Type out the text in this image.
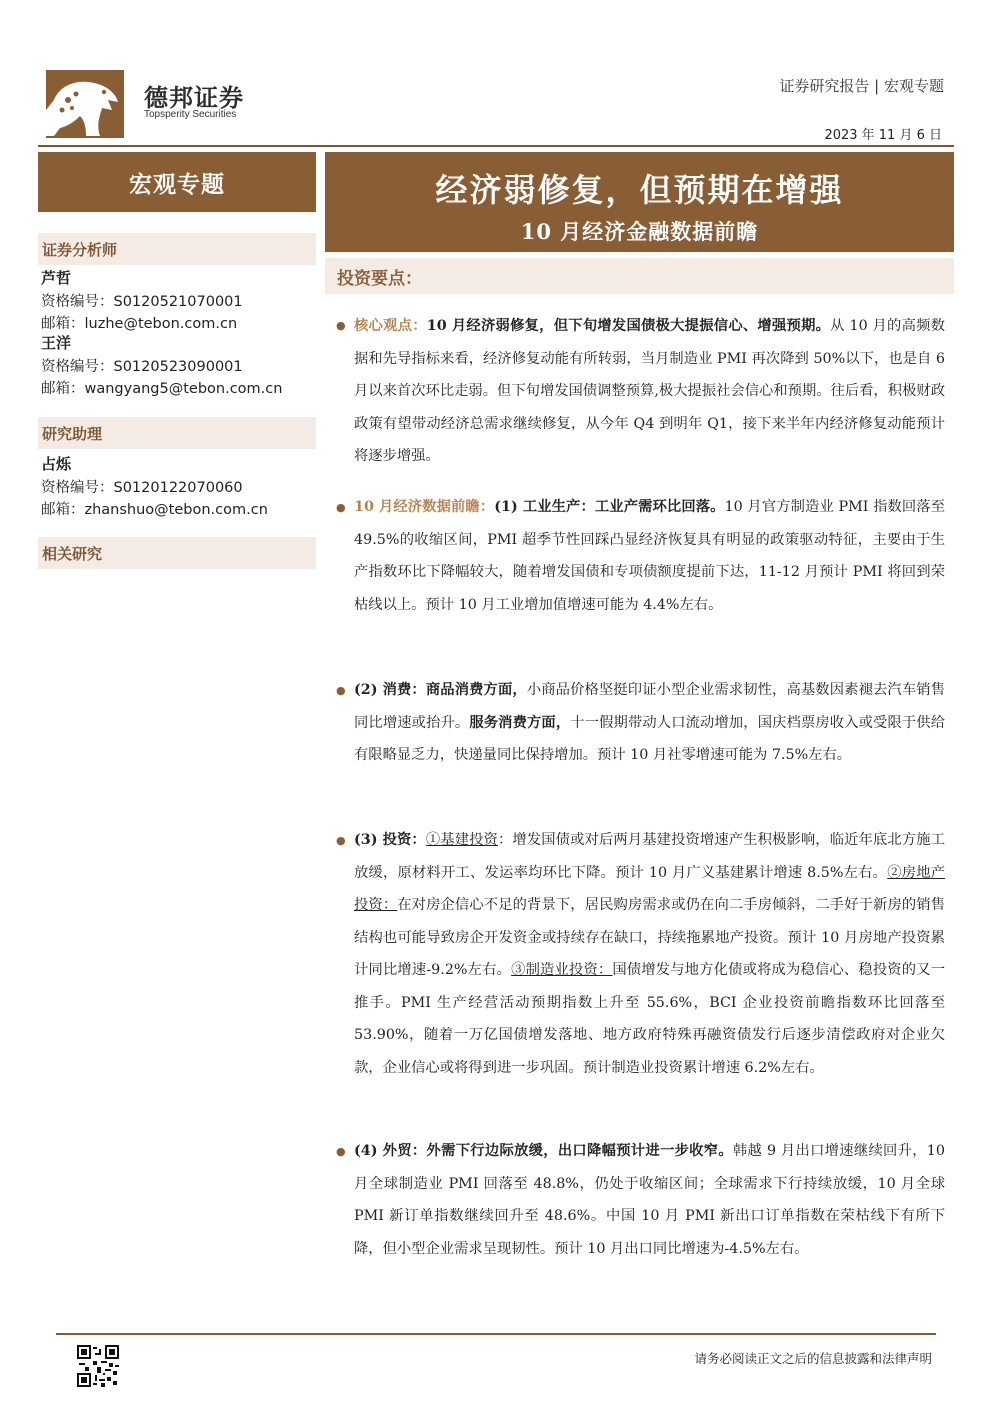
德邦证券
Topsperity Securities
证券研究报告 | 宏观专题
2023 年 11 月 6 日
宏观专题	经济弱修复，但预期在增强
10 月经济金融数据前瞻
证券分析师
芦哲
资格编号：S0120521070001
邮箱：luzhe@tebon.com.cn
王洋
资格编号：S0120523090001
邮箱：wangyang5@tebon.com.cn
研究助理
占烁
资格编号：S0120122070060
邮箱：zhanshuo@tebon.com.cn
相关研究
投资要点：
● 核心观点：10 月经济弱修复，但下旬增发国债极大提振信心、增强预期。从 10 月的高频数据和先导指标来看，经济修复动能有所转弱，当月制造业 PMI 再次降到 50%以下，也是自 6 月以来首次环比走弱。但下旬增发国债调整预算,极大提振社会信心和预期。往后看，积极财政政策有望带动经济总需求继续修复，从今年 Q4 到明年 Q1，接下来半年内经济修复动能预计将逐步增强。
● 10 月经济数据前瞻：(1) 工业生产：工业产需环比回落。10 月官方制造业 PMI 指数回落至 49.5%的收缩区间，PMI 超季节性回踩凸显经济恢复具有明显的政策驱动特征，主要由于生产指数环比下降幅较大，随着增发国债和专项债额度提前下达，11-12 月预计 PMI 将回到荣枯线以上。预计 10 月工业增加值增速可能为 4.4%左右。
● (2) 消费：商品消费方面，小商品价格坚挺印证小型企业需求韧性，高基数因素褪去汽车销售同比增速或抬升。服务消费方面，十一假期带动人口流动增加，国庆档票房收入或受限于供给有限略显乏力，快递量同比保持增加。预计 10 月社零增速可能为 7.5%左右。
● (3) 投资：①基建投资：增发国债或对后两月基建投资增速产生积极影响，临近年底北方施工放缓，原材料开工、发运率均环比下降。预计 10 月广义基建累计增速 8.5%左右。②房地产投资：在对房企信心不足的背景下，居民购房需求或仍在向二手房倾斜，二手好于新房的销售结构也可能导致房企开发资金或持续存在缺口，持续拖累地产投资。预计 10 月房地产投资累计同比增速-9.2%左右。③制造业投资：国债增发与地方化债或将成为稳信心、稳投资的又一推手。PMI 生产经营活动预期指数上升至 55.6%，BCI 企业投资前瞻指数环比回落至 53.90%，随着一万亿国债增发落地、地方政府特殊再融资债发行后逐步清偿政府对企业欠款，企业信心或将得到进一步巩固。预计制造业投资累计增速 6.2%左右。
● (4) 外贸：外需下行边际放缓，出口降幅预计进一步收窄。韩越 9 月出口增速继续回升，10 月全球制造业 PMI 回落至 48.8%，仍处于收缩区间；全球需求下行持续放缓，10 月全球 PMI 新订单指数继续回升至 48.6%。中国 10 月 PMI 新出口订单指数在荣枯线下有所下降，但小型企业需求呈现韧性。预计 10 月出口同比增速为-4.5%左右。
请务必阅读正文之后的信息披露和法律声明
